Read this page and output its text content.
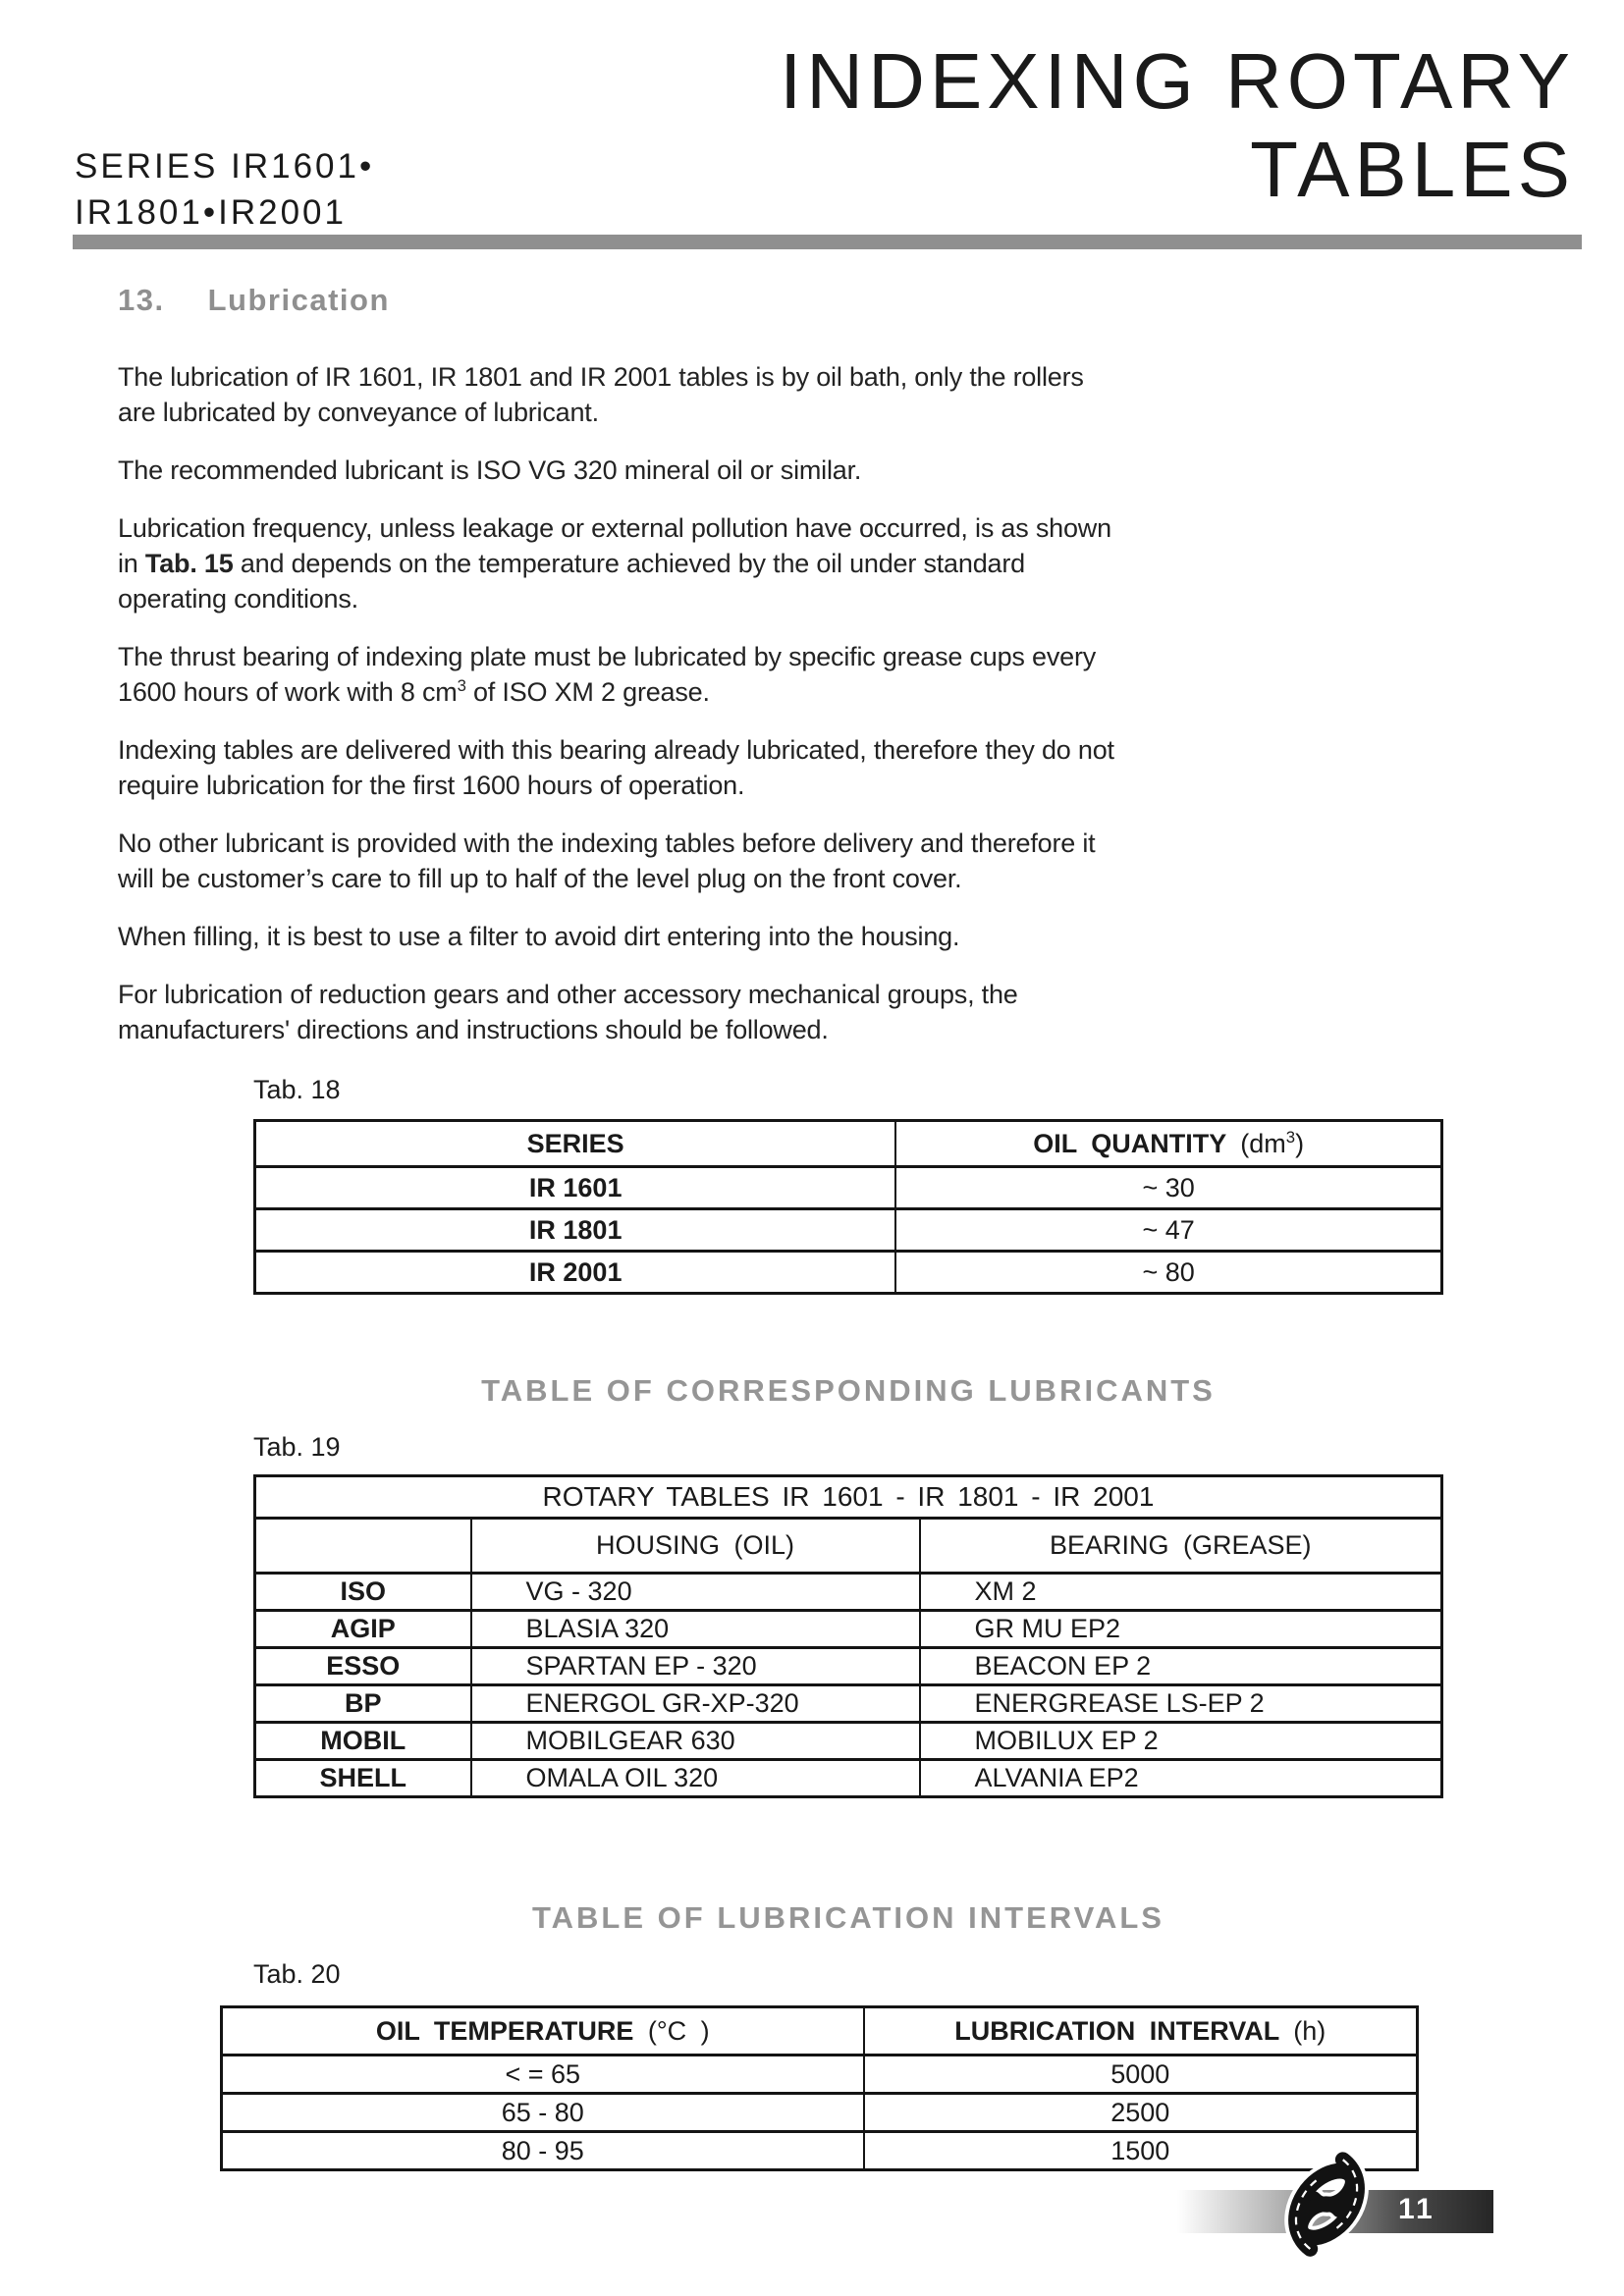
SERIES IR1601•
IR1801•IR2001
INDEXING ROTARY
TABLES
13. Lubrication

The lubrication of IR 1601, IR 1801 and IR 2001 tables is by oil bath, only the rollers are lubricated by conveyance of lubricant.

The recommended lubricant is ISO VG 320 mineral oil or similar.

Lubrication frequency, unless leakage or external pollution have occurred, is as shown in Tab. 15 and depends on the temperature achieved by the oil under standard operating conditions.

The thrust bearing of indexing plate must be lubricated by specific grease cups every 1600 hours of work with 8 $cm^3$ of ISO XM 2 grease.

Indexing tables are delivered with this bearing already lubricated, therefore they do not require lubrication for the first 1600 hours of operation.

No other lubricant is provided with the indexing tables before delivery and therefore it will be customer’s care to fill up to half of the level plug on the front cover.

When filling, it is best to use a filter to avoid dirt entering into the housing.

For lubrication of reduction gears and other accessory mechanical groups, the manufacturers' directions and instructions should be followed.

Tab. 18
SERIES	OIL QUANTITY $(dm^3)$
IR 1601	~ 30
IR 1801	~ 47
IR 2001	~ 80
TABLE OF CORRESPONDING LUBRICANTS
Tab. 19
ROTARY TABLES IR 1601 - IR 1801 - IR 2001		
	HOUSING (OIL)	BEARING (GREASE)
ISO	VG - 320	XM 2
AGIP	BLASIA 320	GR MU EP2
ESSO	SPARTAN EP - 320	BEACON EP 2
BP	ENERGOL GR-XP-320	ENERGREASE LS-EP 2
MOBIL	MOBILGEAR 630	MOBILUX EP 2
SHELL	OMALA OIL 320	ALVANIA EP2
TABLE OF LUBRICATION INTERVALS
Tab. 20
OIL TEMPERATURE (°C )	LUBRICATION INTERVAL (h)
< = 65	5000
65 - 80	2500
80 - 95	1500
11
